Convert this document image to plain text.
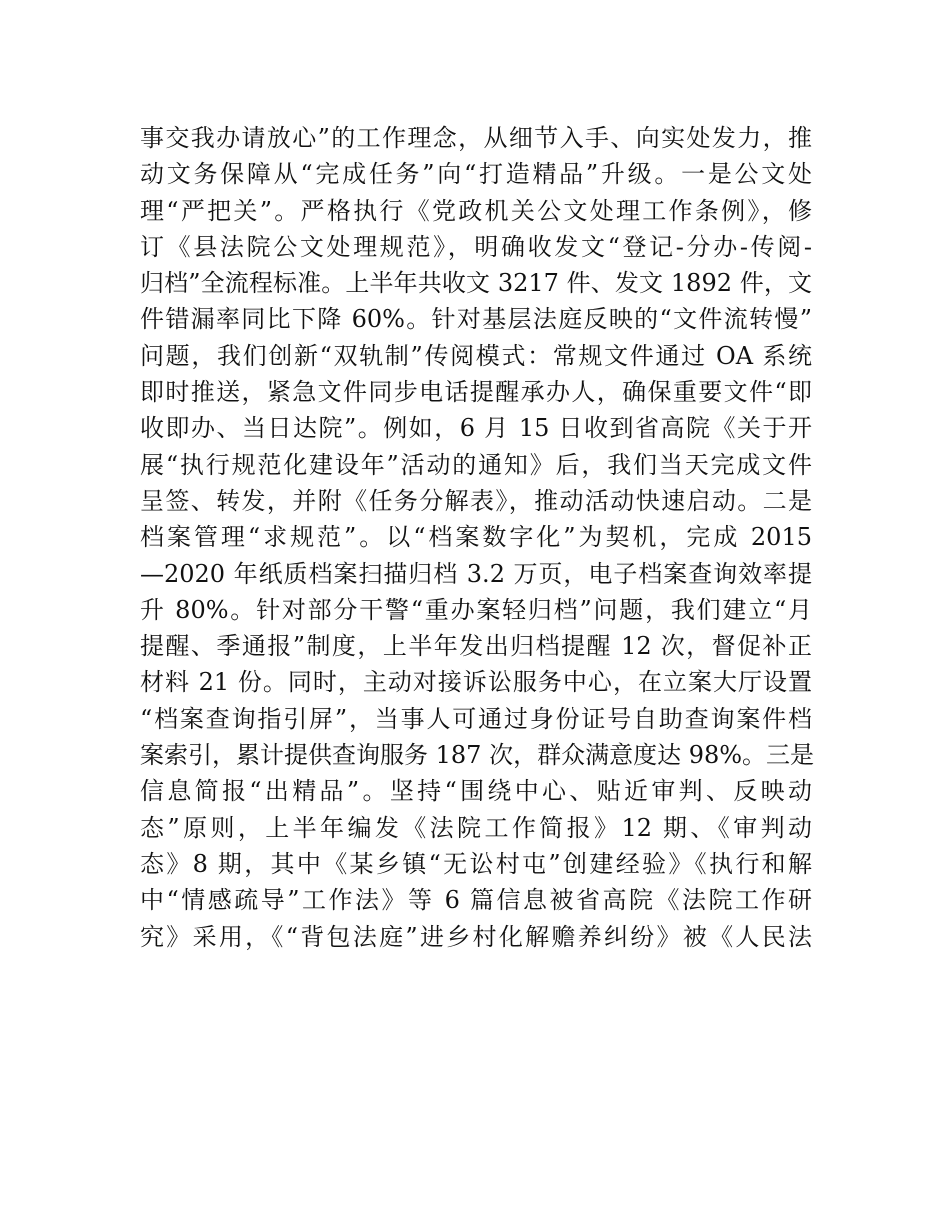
事交我办请放心”的工作理念，从细节入手、向实处发力，推
动文务保障从“完成任务”向“打造精品”升级。一是公文处
理“严把关”。严格执行《党政机关公文处理工作条例》，修
订《县法院公文处理规范》，明确收发文“登记-分办-传阅-
归档”全流程标准。上半年共收文 3217 件、发文 1892 件，文
件错漏率同比下降 60%。针对基层法庭反映的“文件流转慢”
问题，我们创新“双轨制”传阅模式：常规文件通过 OA 系统
即时推送，紧急文件同步电话提醒承办人，确保重要文件“即
收即办、当日达院”。例如，6 月 15 日收到省高院《关于开
展“执行规范化建设年”活动的通知》后，我们当天完成文件
呈签、转发，并附《任务分解表》，推动活动快速启动。二是
档案管理“求规范”。以“档案数字化”为契机，完成 2015
—2020 年纸质档案扫描归档 3.2 万页，电子档案查询效率提
升 80%。针对部分干警“重办案轻归档”问题，我们建立“月
提醒、季通报”制度，上半年发出归档提醒 12 次，督促补正
材料 21 份。同时，主动对接诉讼服务中心，在立案大厅设置
“档案查询指引屏”，当事人可通过身份证号自助查询案件档
案索引，累计提供查询服务 187 次，群众满意度达 98%。三是
信息简报“出精品”。坚持“围绕中心、贴近审判、反映动
态”原则，上半年编发《法院工作简报》12 期、《审判动
态》8 期，其中《某乡镇“无讼村屯”创建经验》《执行和解
中“情感疏导”工作法》等 6 篇信息被省高院《法院工作研
究》采用，《“背包法庭”进乡村化解赡养纠纷》被《人民法
